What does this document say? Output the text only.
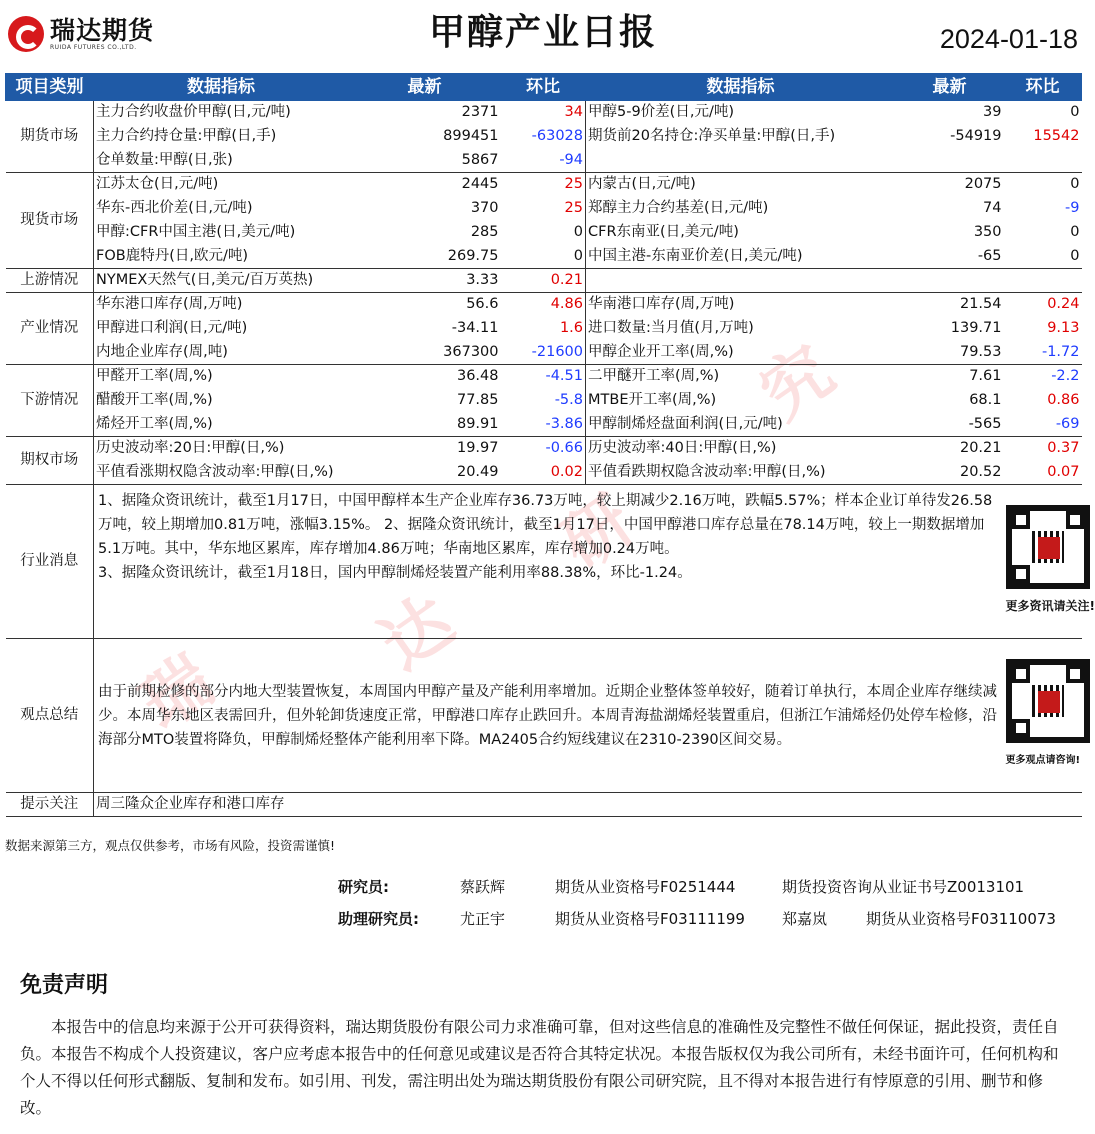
瑞达期货
RUIDA FUTURES CO.,LTD.	甲醇产业日报	2024-01-18
瑞
达
研
究
项目类别	数据指标	最新	环比	数据指标	最新	环比
期货市场	主力合约收盘价甲醇(日,元/吨)	2371	34	甲醇5-9价差(日,元/吨)	39	0
	主力合约持仓量:甲醇(日,手)	899451	-63028	期货前20名持仓:净买单量:甲醇(日,手)	-54919	15542
	仓单数量:甲醇(日,张)	5867	-94			
现货市场	江苏太仓(日,元/吨)	2445	25	内蒙古(日,元/吨)	2075	0
	华东-西北价差(日,元/吨)	370	25	郑醇主力合约基差(日,元/吨)	74	-9
	甲醇:CFR中国主港(日,美元/吨)	285	0	CFR东南亚(日,美元/吨)	350	0
	FOB鹿特丹(日,欧元/吨)	269.75	0	中国主港-东南亚价差(日,美元/吨)	-65	0
上游情况	NYMEX天然气(日,美元/百万英热)	3.33	0.21			
产业情况	华东港口库存(周,万吨)	56.6	4.86	华南港口库存(周,万吨)	21.54	0.24
	甲醇进口利润(日,元/吨)	-34.11	1.6	进口数量:当月值(月,万吨)	139.71	9.13
	内地企业库存(周,吨)	367300	-21600	甲醇企业开工率(周,%)	79.53	-1.72
下游情况	甲醛开工率(周,%)	36.48	-4.51	二甲醚开工率(周,%)	7.61	-2.2
	醋酸开工率(周,%)	77.85	-5.8	MTBE开工率(周,%)	68.1	0.86
	烯烃开工率(周,%)	89.91	-3.86	甲醇制烯烃盘面利润(日,元/吨)	-565	-69
期权市场	历史波动率:20日:甲醇(日,%)	19.97	-0.66	历史波动率:40日:甲醇(日,%)	20.21	0.37
	平值看涨期权隐含波动率:甲醇(日,%)	20.49	0.02	平值看跌期权隐含波动率:甲醇(日,%)	20.52	0.07
行业消息	1、据隆众资讯统计，截至1月17日，中国甲醇样本生产企业库存36.73万吨，较上期减少2.16万吨，跌幅5.57%；样本企业订单待发26.58万吨，较上期增加0.81万吨，涨幅3.15%。 2、据隆众资讯统计，截至1月17日，中国甲醇港口库存总量在78.14万吨，较上一期数据增加5.1万吨。其中，华东地区累库，库存增加4.86万吨；华南地区累库，库存增加0.24万吨。
3、据隆众资讯统计，截至1月18日，国内甲醇制烯烃装置产能利用率88.38%，环比-1.24。					更多资讯请关注!

观点总结	由于前期检修的部分内地大型装置恢复，本周国内甲醇产量及产能利用率增加。近期企业整体签单较好，随着订单执行，本周企业库存继续减少。本周华东地区表需回升，但外轮卸货速度正常，甲醇港口库存止跌回升。本周青海盐湖烯烃装置重启，但浙江乍浦烯烃仍处停车检修，沿海部分MTO装置将降负，甲醇制烯烃整体产能利用率下降。MA2405合约短线建议在2310-2390区间交易。					更多观点请咨询!

提示关注	周三隆众企业库存和港口库存					
数据来源第三方，观点仅供参考，市场有风险，投资需谨慎!
研究员:	蔡跃辉	期货从业资格号F0251444	期货投资咨询从业证书号Z0013101
助理研究员:	尤正宇	期货从业资格号F03111199 郑嘉岚	期货从业资格号F03110073
免责声明
本报告中的信息均来源于公开可获得资料，瑞达期货股份有限公司力求准确可靠，但对这些信息的准确性及完整性不做任何保证，据此投资，责任自负。本报告不构成个人投资建议，客户应考虑本报告中的任何意见或建议是否符合其特定状况。本报告版权仅为我公司所有，未经书面许可，任何机构和个人不得以任何形式翻版、复制和发布。如引用、刊发，需注明出处为瑞达期货股份有限公司研究院，且不得对本报告进行有悖原意的引用、删节和修改。
